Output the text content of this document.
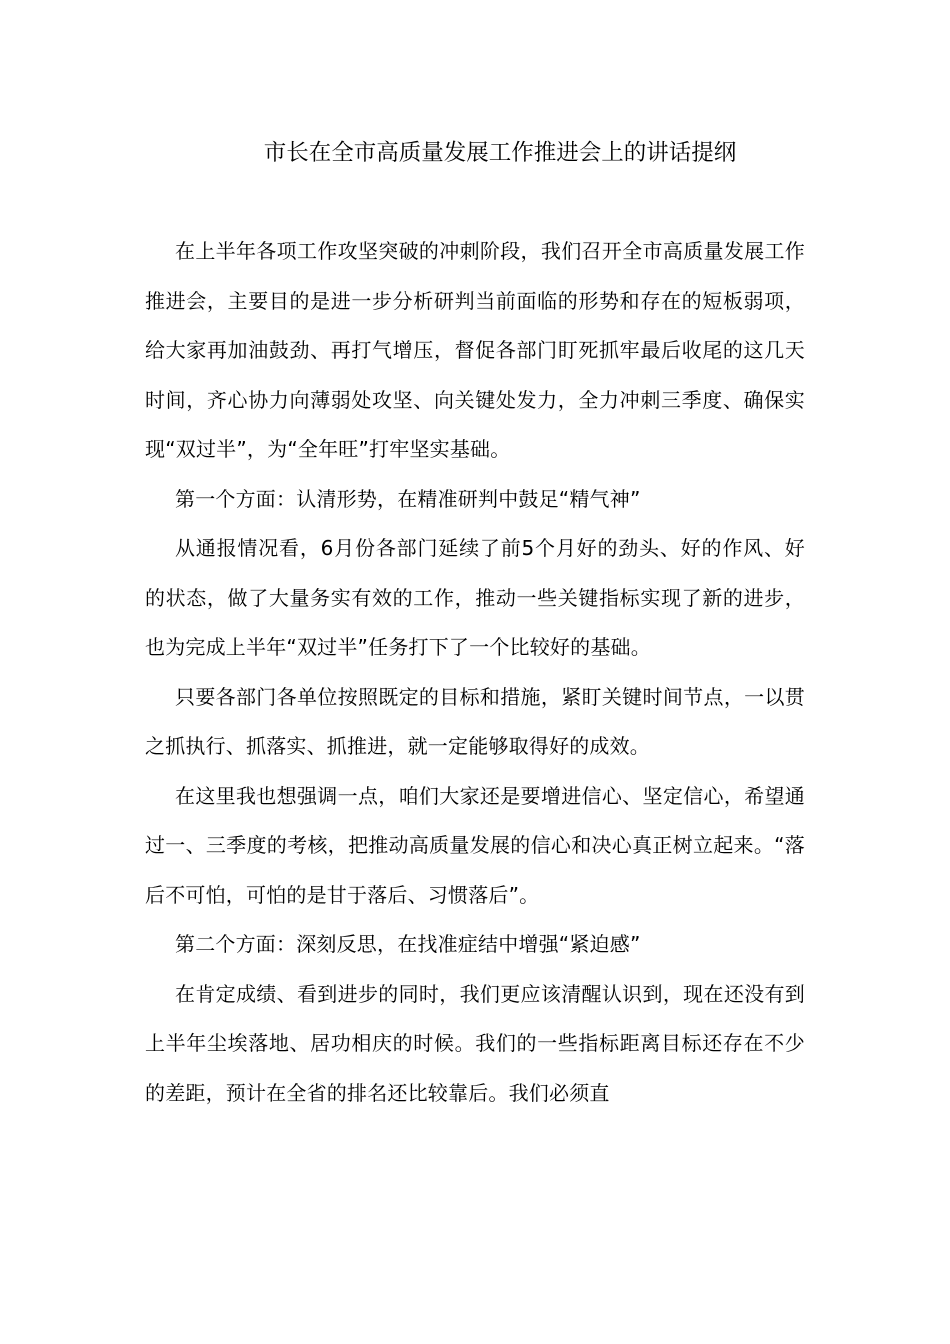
市长在全市高质量发展工作推进会上的讲话提纲

在上半年各项工作攻坚突破的冲刺阶段，我们召开全市高质量发展工作推进会，主要目的是进一步分析研判当前面临的形势和存在的短板弱项，给大家再加油鼓劲、再打气增压，督促各部门盯死抓牢最后收尾的这几天时间，齐心协力向薄弱处攻坚、向关键处发力，全力冲刺三季度、确保实现“双过半”，为“全年旺”打牢坚实基础。

第一个方面：认清形势，在精准研判中鼓足“精气神”

从通报情况看，6月份各部门延续了前5个月好的劲头、好的作风、好的状态，做了大量务实有效的工作，推动一些关键指标实现了新的进步，也为完成上半年“双过半”任务打下了一个比较好的基础。

只要各部门各单位按照既定的目标和措施，紧盯关键时间节点，一以贯之抓执行、抓落实、抓推进，就一定能够取得好的成效。

在这里我也想强调一点，咱们大家还是要增进信心、坚定信心，希望通过一、三季度的考核，把推动高质量发展的信心和决心真正树立起来。“落后不可怕，可怕的是甘于落后、习惯落后”。

第二个方面：深刻反思，在找准症结中增强“紧迫感”

在肯定成绩、看到进步的同时，我们更应该清醒认识到，现在还没有到上半年尘埃落地、居功相庆的时候。我们的一些指标距离目标还存在不少的差距，预计在全省的排名还比较靠后。我们必须直
